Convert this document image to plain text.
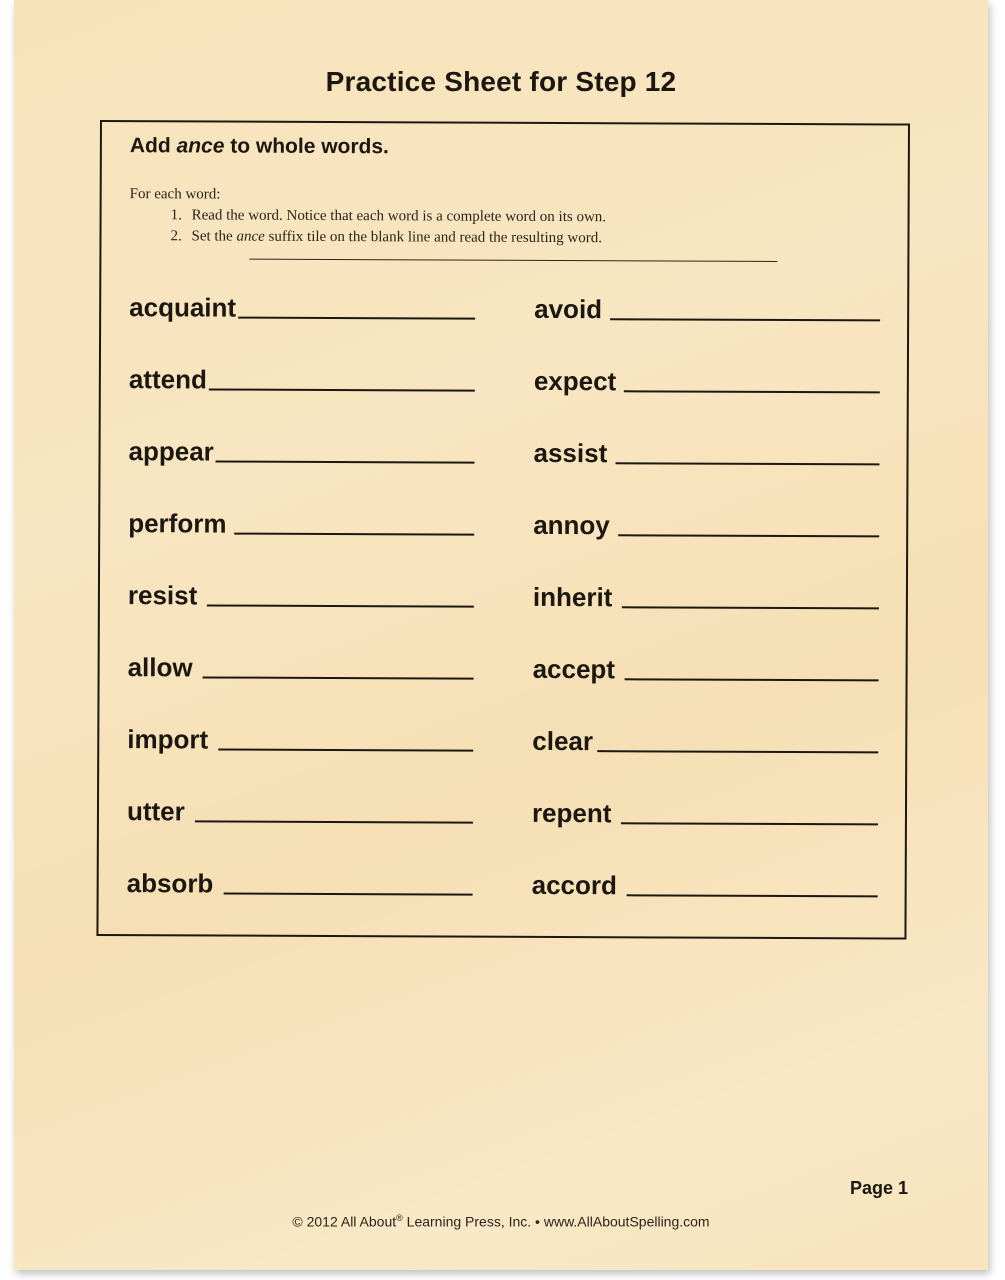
Practice Sheet for Step 12
Add ance to whole words.
For each word:
1. Read the word. Notice that each word is a complete word on its own.
2. Set the ance suffix tile on the blank line and read the resulting word.
acquaint	avoid
attend	expect
appear	assist
perform	annoy
resist	inherit
allow	accept
import	clear
utter	repent
absorb	accord
Page 1
© 2012 All About® Learning Press, Inc. • www.AllAboutSpelling.com
